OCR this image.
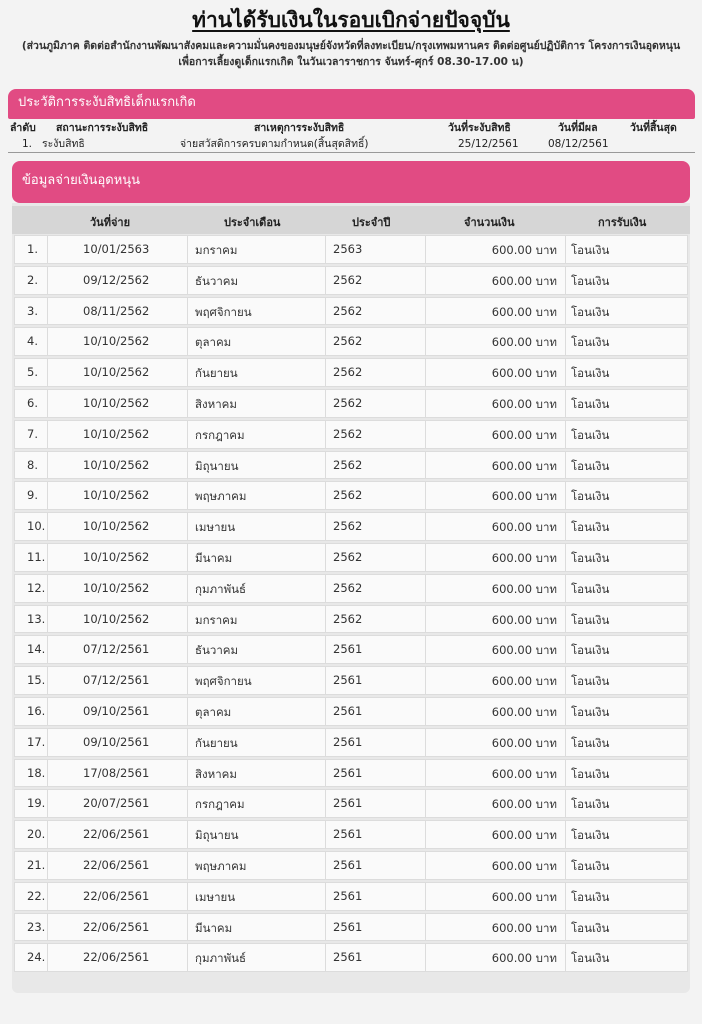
ท่านได้รับเงินในรอบเบิกจ่ายปัจจุบัน
(ส่วนภูมิภาค ติดต่อสำนักงานพัฒนาสังคมและความมั่นคงของมนุษย์จังหวัดที่ลงทะเบียน/กรุงเทพมหานคร ติดต่อศูนย์ปฏิบัติการ โครงการเงินอุดหนุนเพื่อการเลี้ยงดูเด็กแรกเกิด ในวันเวลาราชการ จันทร์-ศุกร์ 08.30-17.00 น)
ประวัติการระงับสิทธิเด็กแรกเกิด
ลำดับ สถานะการระงับสิทธิ	สาเหตุการระงับสิทธิ	วันที่ระงับสิทธิ	วันที่มีผล	วันที่สิ้นสุด
1. ระงับสิทธิ	จ่ายสวัสดิการครบตามกำหนด(สิ้นสุดสิทธิ์)	25/12/2561	08/12/2561
ข้อมูลจ่ายเงินอุดหนุน
วันที่จ่าย	ประจำเดือน	ประจำปี	จำนวนเงิน	การรับเงิน
1.	10/01/2563	มกราคม	2563	600.00 บาท โอนเงิน
2.	09/12/2562	ธันวาคม	2562	600.00 บาท โอนเงิน
3.	08/11/2562	พฤศจิกายน	2562	600.00 บาท โอนเงิน
4.	10/10/2562	ตุลาคม	2562	600.00 บาท โอนเงิน
5.	10/10/2562	กันยายน	2562	600.00 บาท โอนเงิน
6.	10/10/2562	สิงหาคม	2562	600.00 บาท โอนเงิน
7.	10/10/2562	กรกฎาคม	2562	600.00 บาท โอนเงิน
8.	10/10/2562	มิถุนายน	2562	600.00 บาท โอนเงิน
9.	10/10/2562	พฤษภาคม	2562	600.00 บาท โอนเงิน
10.	10/10/2562	เมษายน	2562	600.00 บาท โอนเงิน
11.	10/10/2562	มีนาคม	2562	600.00 บาท โอนเงิน
12.	10/10/2562	กุมภาพันธ์	2562	600.00 บาท โอนเงิน
13.	10/10/2562	มกราคม	2562	600.00 บาท โอนเงิน
14.	07/12/2561	ธันวาคม	2561	600.00 บาท โอนเงิน
15.	07/12/2561	พฤศจิกายน	2561	600.00 บาท โอนเงิน
16.	09/10/2561	ตุลาคม	2561	600.00 บาท โอนเงิน
17.	09/10/2561	กันยายน	2561	600.00 บาท โอนเงิน
18.	17/08/2561	สิงหาคม	2561	600.00 บาท โอนเงิน
19.	20/07/2561	กรกฎาคม	2561	600.00 บาท โอนเงิน
20.	22/06/2561	มิถุนายน	2561	600.00 บาท โอนเงิน
21.	22/06/2561	พฤษภาคม	2561	600.00 บาท โอนเงิน
22.	22/06/2561	เมษายน	2561	600.00 บาท โอนเงิน
23.	22/06/2561	มีนาคม	2561	600.00 บาท โอนเงิน
24.	22/06/2561	กุมภาพันธ์	2561	600.00 บาท โอนเงิน
